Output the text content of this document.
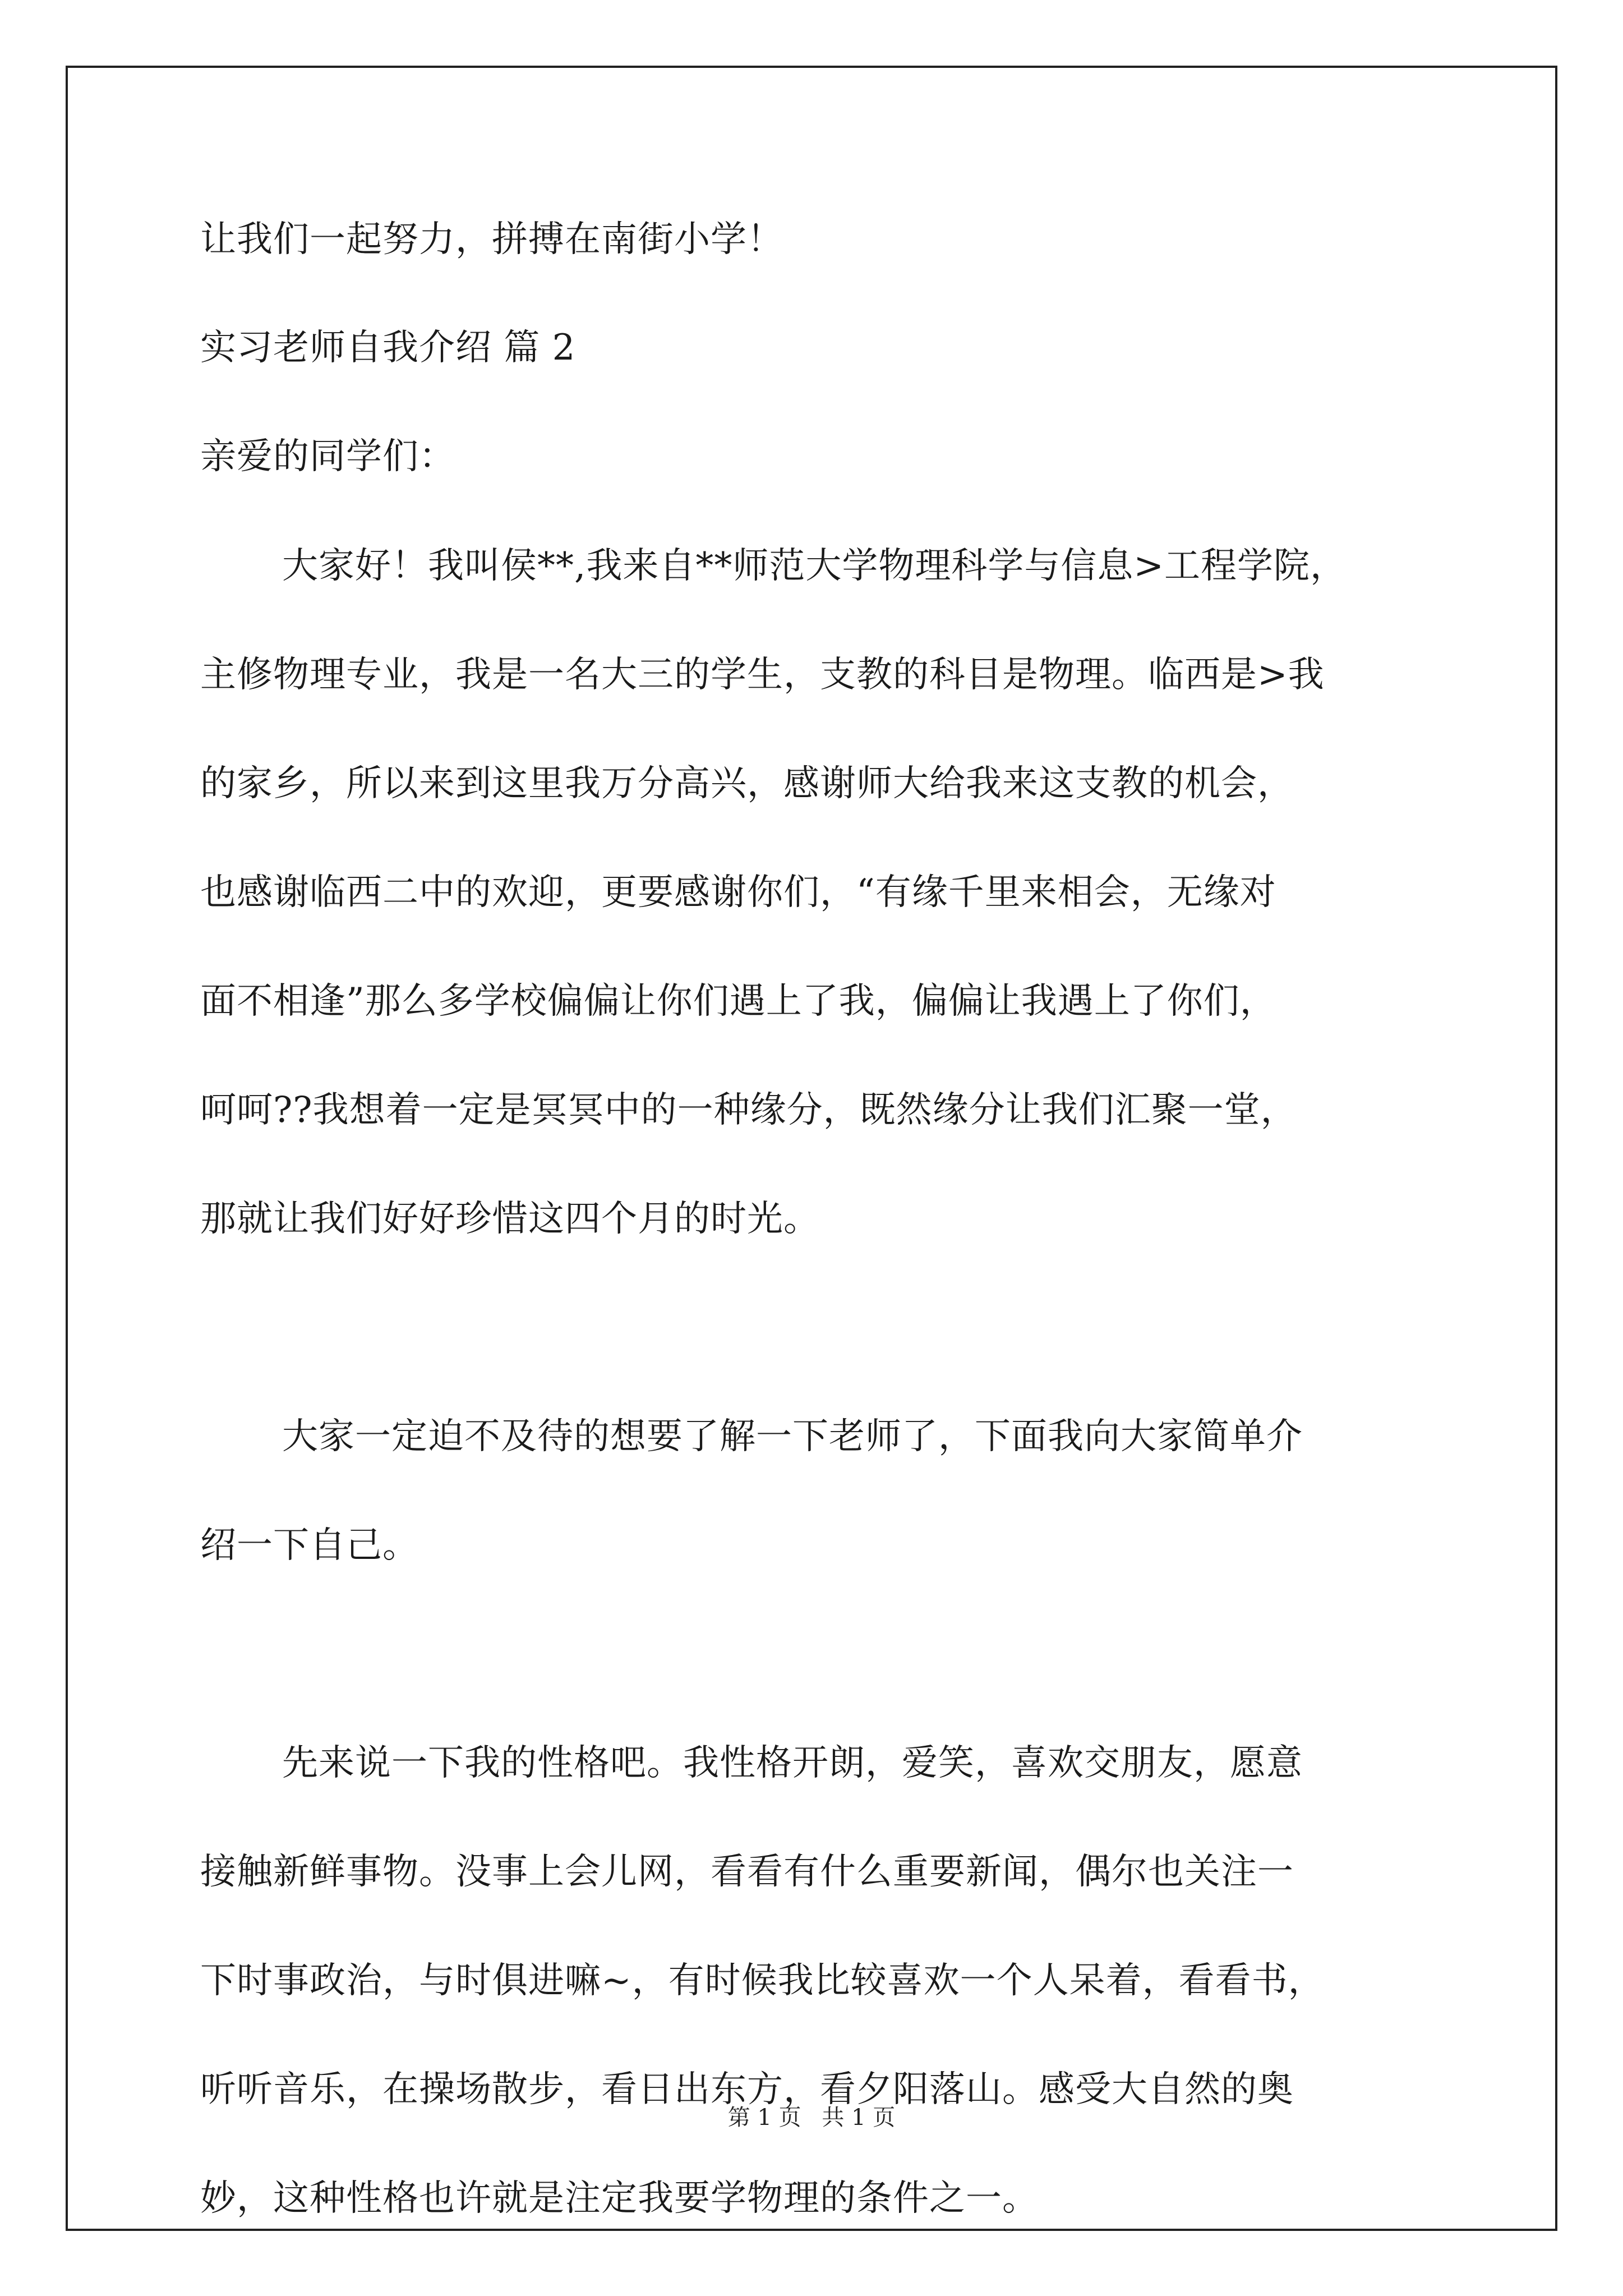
让我们一起努力，拼搏在南街小学！
实习老师自我介绍 篇 2
亲爱的同学们：
大家好！我叫侯**,我来自**师范大学物理科学与信息>工程学院，
主修物理专业，我是一名大三的学生，支教的科目是物理。临西是>我
的家乡，所以来到这里我万分高兴，感谢师大给我来这支教的机会，
也感谢临西二中的欢迎，更要感谢你们，“有缘千里来相会，无缘对
面不相逢”那么多学校偏偏让你们遇上了我，偏偏让我遇上了你们，
呵呵??我想着一定是冥冥中的一种缘分，既然缘分让我们汇聚一堂，
那就让我们好好珍惜这四个月的时光。
大家一定迫不及待的想要了解一下老师了，下面我向大家简单介
绍一下自己。
先来说一下我的性格吧。我性格开朗，爱笑，喜欢交朋友，愿意
接触新鲜事物。没事上会儿网，看看有什么重要新闻，偶尔也关注一
下时事政治，与时俱进嘛~，有时候我比较喜欢一个人呆着，看看书，
听听音乐，在操场散步，看日出东方，看夕阳落山。感受大自然的奥
妙，这种性格也许就是注定我要学物理的条件之一。
第 1 页 共 1 页
